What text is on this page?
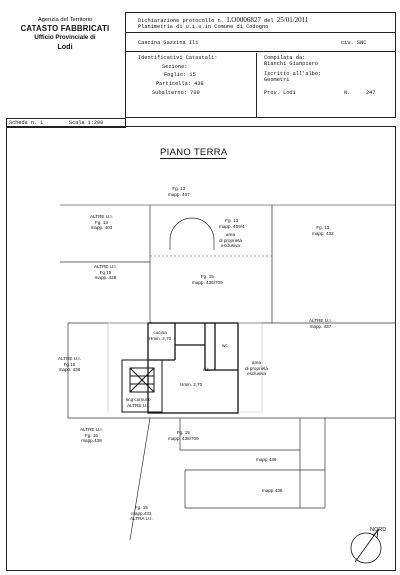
Agenzia del Territorio
CATASTO FABBRICATI
Ufficio Provinciale di
Lodi
Dichiarazione protocollo n. LO0006827 del 25/01/2011
Planimetria di u.i.u.in Comune di Codogno
Cascina Gazzina Ili	civ. SNC
Identificativi Catastali:
Sezione:
Foglio: 15
Particella: 438
Subalterno: 709
Compilata da:
Bianchi Gianpiero
Iscritto all'albo:
Geometri
Prov. Lodi	N.	247
Scheda n. 1	Scala 1:200
PIANO TERRA
Fg. 13
mapp. 407
ALTRE U.I.
Fg. 13
mapp. 403
Fg. 13
mapp. 409/4
area
di proprietà
esclusiva
Fg. 13
mapp. 402
ALTRE U.I.
Fg.15
mapp. 438	Fg. 15
mapp. 438/709
ALTRE U.I.
mapp. 437
cucina
Hmin. 2,70
wc
dis.
Hmin. 2,70
area
di proprietà
esclusiva
ALTRE U.I.
Fg.15
mapp. 438
scg comune
ALTRE U.I.
ALTRE U.I.
Fg. 15
mapp.438
Fg. 15
mapp. 438/709
mapp 436
mapp 436
Fg. 15
mapp.431
ALTRA U.I.
NORD
